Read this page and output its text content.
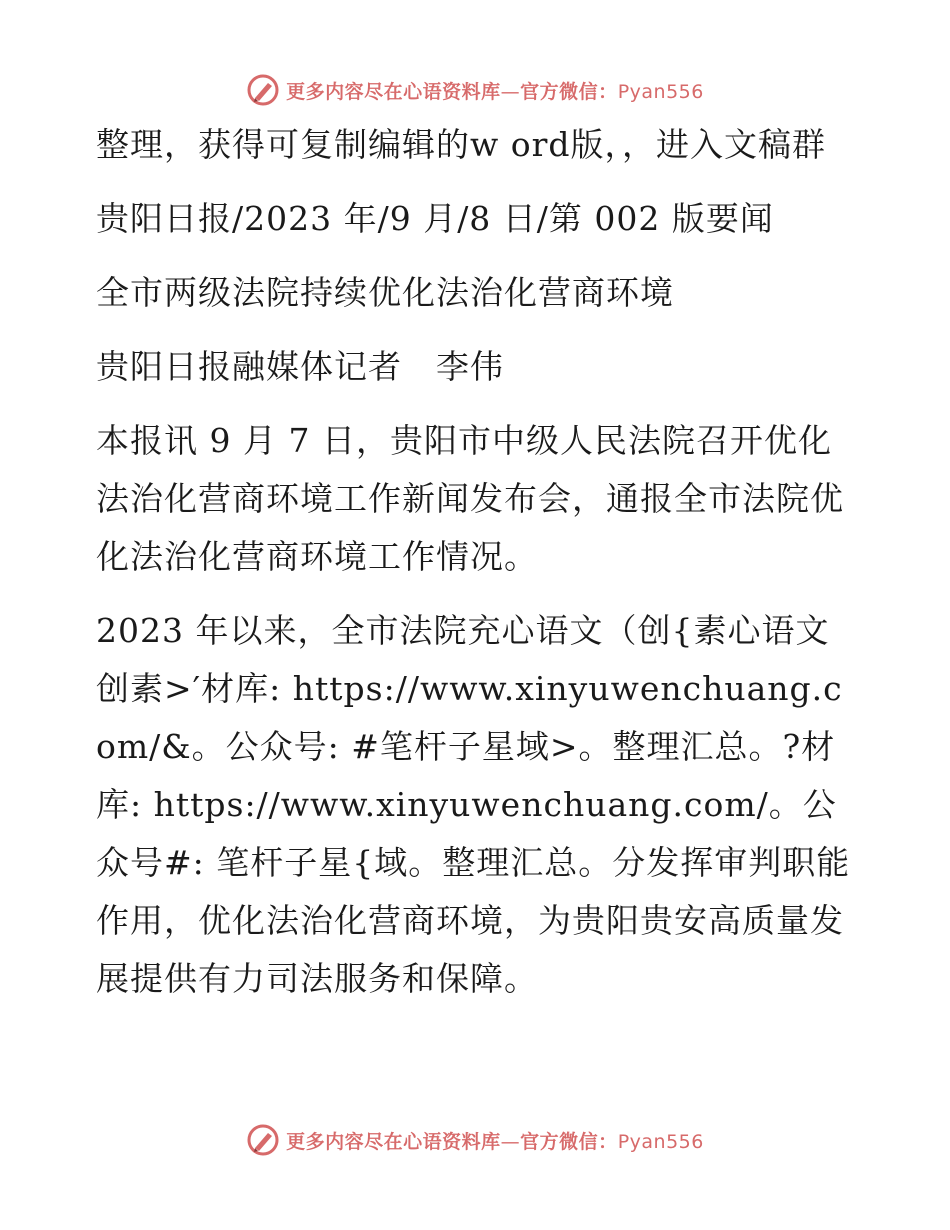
更多内容尽在心语资料库—官方微信：Pyan556

整理，获得可复制编辑的w ord版，，进入文稿群

贵阳日报/2023 年/9 月/8 日/第 002 版要闻

全市两级法院持续优化法治化营商环境

贵阳日报融媒体记者　李伟

本报讯 9 月 7 日，贵阳市中级人民法院召开优化法治化营商环境工作新闻发布会，通报全市法院优化法治化营商环境工作情况。

2023 年以来，全市法院充心语文（创{素心语文创素>′材库: https://www.xinyuwenchuang.com/&。公众号: #笔杆子星域>。整理汇总。?材库: https://www.xinyuwenchuang.com/。公众号#: 笔杆子星{域。整理汇总。分发挥审判职能作用，优化法治化营商环境，为贵阳贵安高质量发展提供有力司法服务和保障。

更多内容尽在心语资料库—官方微信：Pyan556
